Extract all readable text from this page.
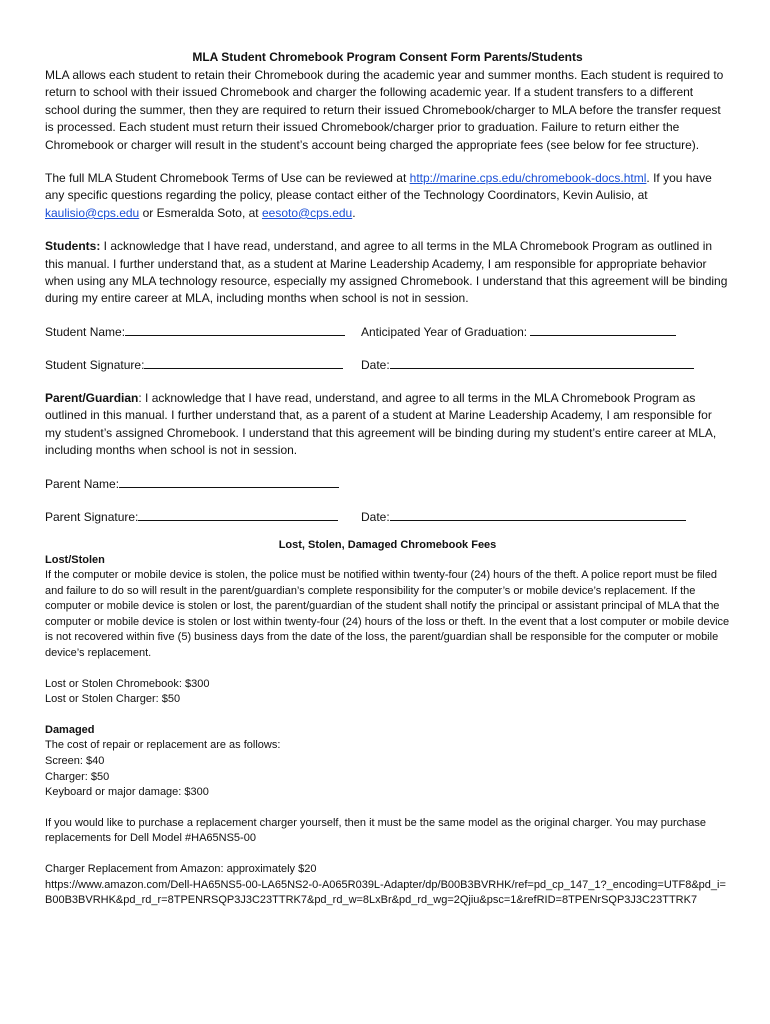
MLA Student Chromebook Program Consent Form Parents/Students

MLA allows each student to retain their Chromebook during the academic year and summer months. Each student is required to return to school with their issued Chromebook and charger the following academic year. If a student transfers to a different school during the summer, then they are required to return their issued Chromebook/charger to MLA before the transfer request is processed. Each student must return their issued Chromebook/charger prior to graduation. Failure to return either the Chromebook or charger will result in the student’s account being charged the appropriate fees (see below for fee structure).

The full MLA Student Chromebook Terms of Use can be reviewed at http://marine.cps.edu/chromebook-docs.html. If you have any specific questions regarding the policy, please contact either of the Technology Coordinators, Kevin Aulisio, at kaulisio@cps.edu or Esmeralda Soto, at eesoto@cps.edu.

Students: I acknowledge that I have read, understand, and agree to all terms in the MLA Chromebook Program as outlined in this manual. I further understand that, as a student at Marine Leadership Academy, I am responsible for appropriate behavior when using any MLA technology resource, especially my assigned Chromebook. I understand that this agreement will be binding during my entire career at MLA, including months when school is not in session.

Student Name:	Anticipated Year of Graduation:
Student Signature:	Date:

Parent/Guardian: I acknowledge that I have read, understand, and agree to all terms in the MLA Chromebook Program as outlined in this manual. I further understand that, as a parent of a student at Marine Leadership Academy, I am responsible for my student’s assigned Chromebook. I understand that this agreement will be binding during my student’s entire career at MLA, including months when school is not in session.

Parent Name:
Parent Signature:	Date:

Lost, Stolen, Damaged Chromebook Fees

Lost/Stolen

If the computer or mobile device is stolen, the police must be notified within twenty-four (24) hours of the theft. A police report must be filed and failure to do so will result in the parent/guardian’s complete responsibility for the computer’s or mobile device’s replacement. If the computer or mobile device is stolen or lost, the parent/guardian of the student shall notify the principal or assistant principal of MLA that the computer or mobile device is stolen or lost within twenty-four (24) hours of the loss or theft. In the event that a lost computer or mobile device is not recovered within five (5) business days from the date of the loss, the parent/guardian shall be responsible for the computer or mobile device’s replacement.

Lost or Stolen Chromebook: $300

Lost or Stolen Charger: $50

Damaged

The cost of repair or replacement are as follows:

Screen: $40

Charger: $50

Keyboard or major damage: $300

If you would like to purchase a replacement charger yourself, then it must be the same model as the original charger. You may purchase replacements for Dell Model #HA65NS5-00

Charger Replacement from Amazon: approximately $20

https://www.amazon.com/Dell-HA65NS5-00-LA65NS2-0-A065R039L-Adapter/dp/B00B3BVRHK/ref=pd_cp_147_1?_encoding=UTF8&pd_i=B00B3BVRHK&pd_rd_r=8TPENRSQP3J3C23TTRK7&pd_rd_w=8LxBr&pd_rd_wg=2Qjiu&psc=1&refRID=8TPENrSQP3J3C23TTRK7
